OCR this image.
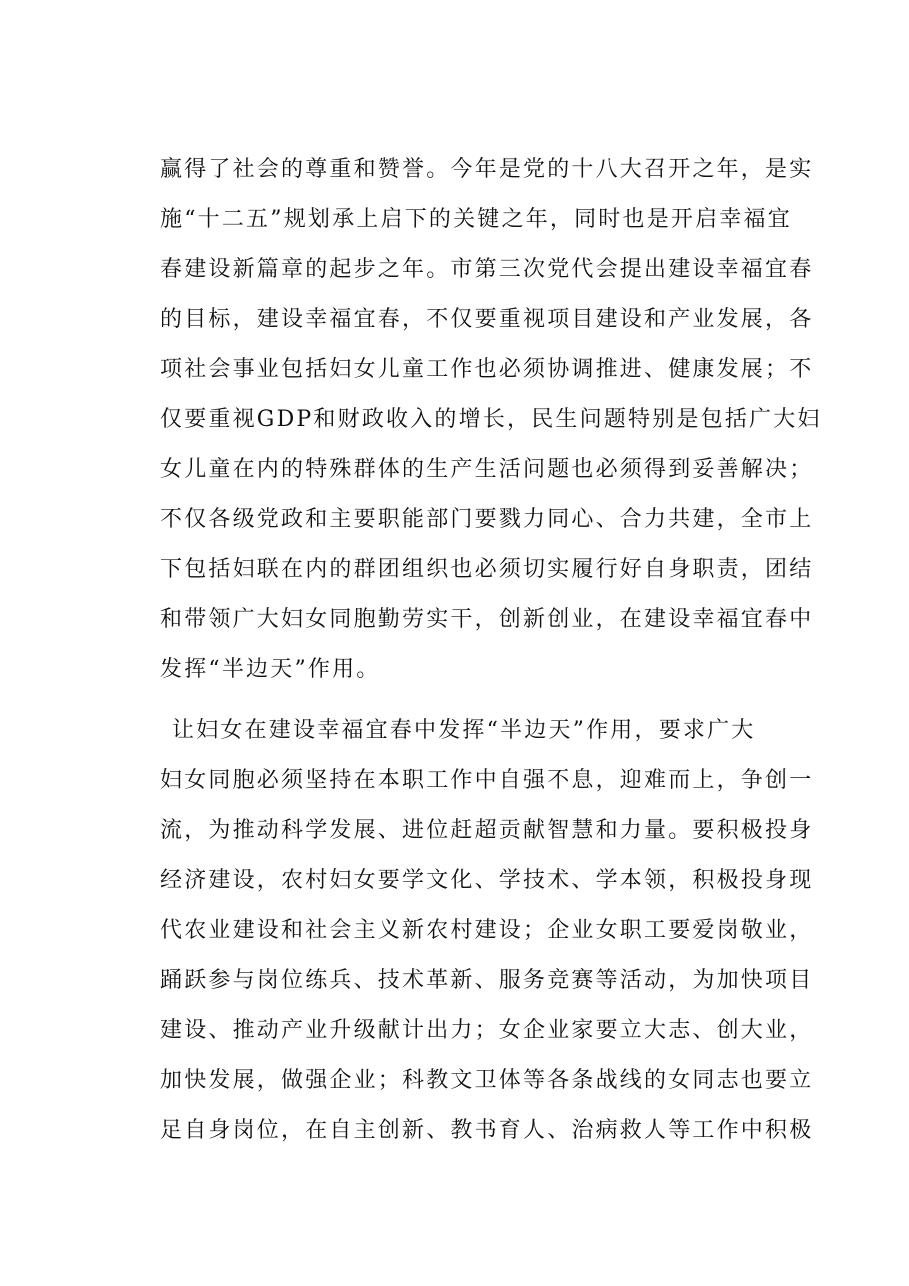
赢得了社会的尊重和赞誉。今年是党的十八大召开之年，是实
施“十二五”规划承上启下的关键之年，同时也是开启幸福宜
春建设新篇章的起步之年。市第三次党代会提出建设幸福宜春
的目标，建设幸福宜春，不仅要重视项目建设和产业发展，各
项社会事业包括妇女儿童工作也必须协调推进、健康发展；不
仅要重视GDP和财政收入的增长，民生问题特别是包括广大妇
女儿童在内的特殊群体的生产生活问题也必须得到妥善解决；
不仅各级党政和主要职能部门要戮力同心、合力共建，全市上
下包括妇联在内的群团组织也必须切实履行好自身职责，团结
和带领广大妇女同胞勤劳实干，创新创业，在建设幸福宜春中
发挥“半边天”作用。
让妇女在建设幸福宜春中发挥“半边天”作用，要求广大
妇女同胞必须坚持在本职工作中自强不息，迎难而上，争创一
流，为推动科学发展、进位赶超贡献智慧和力量。要积极投身
经济建设，农村妇女要学文化、学技术、学本领，积极投身现
代农业建设和社会主义新农村建设；企业女职工要爱岗敬业，
踊跃参与岗位练兵、技术革新、服务竞赛等活动，为加快项目
建设、推动产业升级献计出力；女企业家要立大志、创大业，
加快发展，做强企业；科教文卫体等各条战线的女同志也要立
足自身岗位，在自主创新、教书育人、治病救人等工作中积极
